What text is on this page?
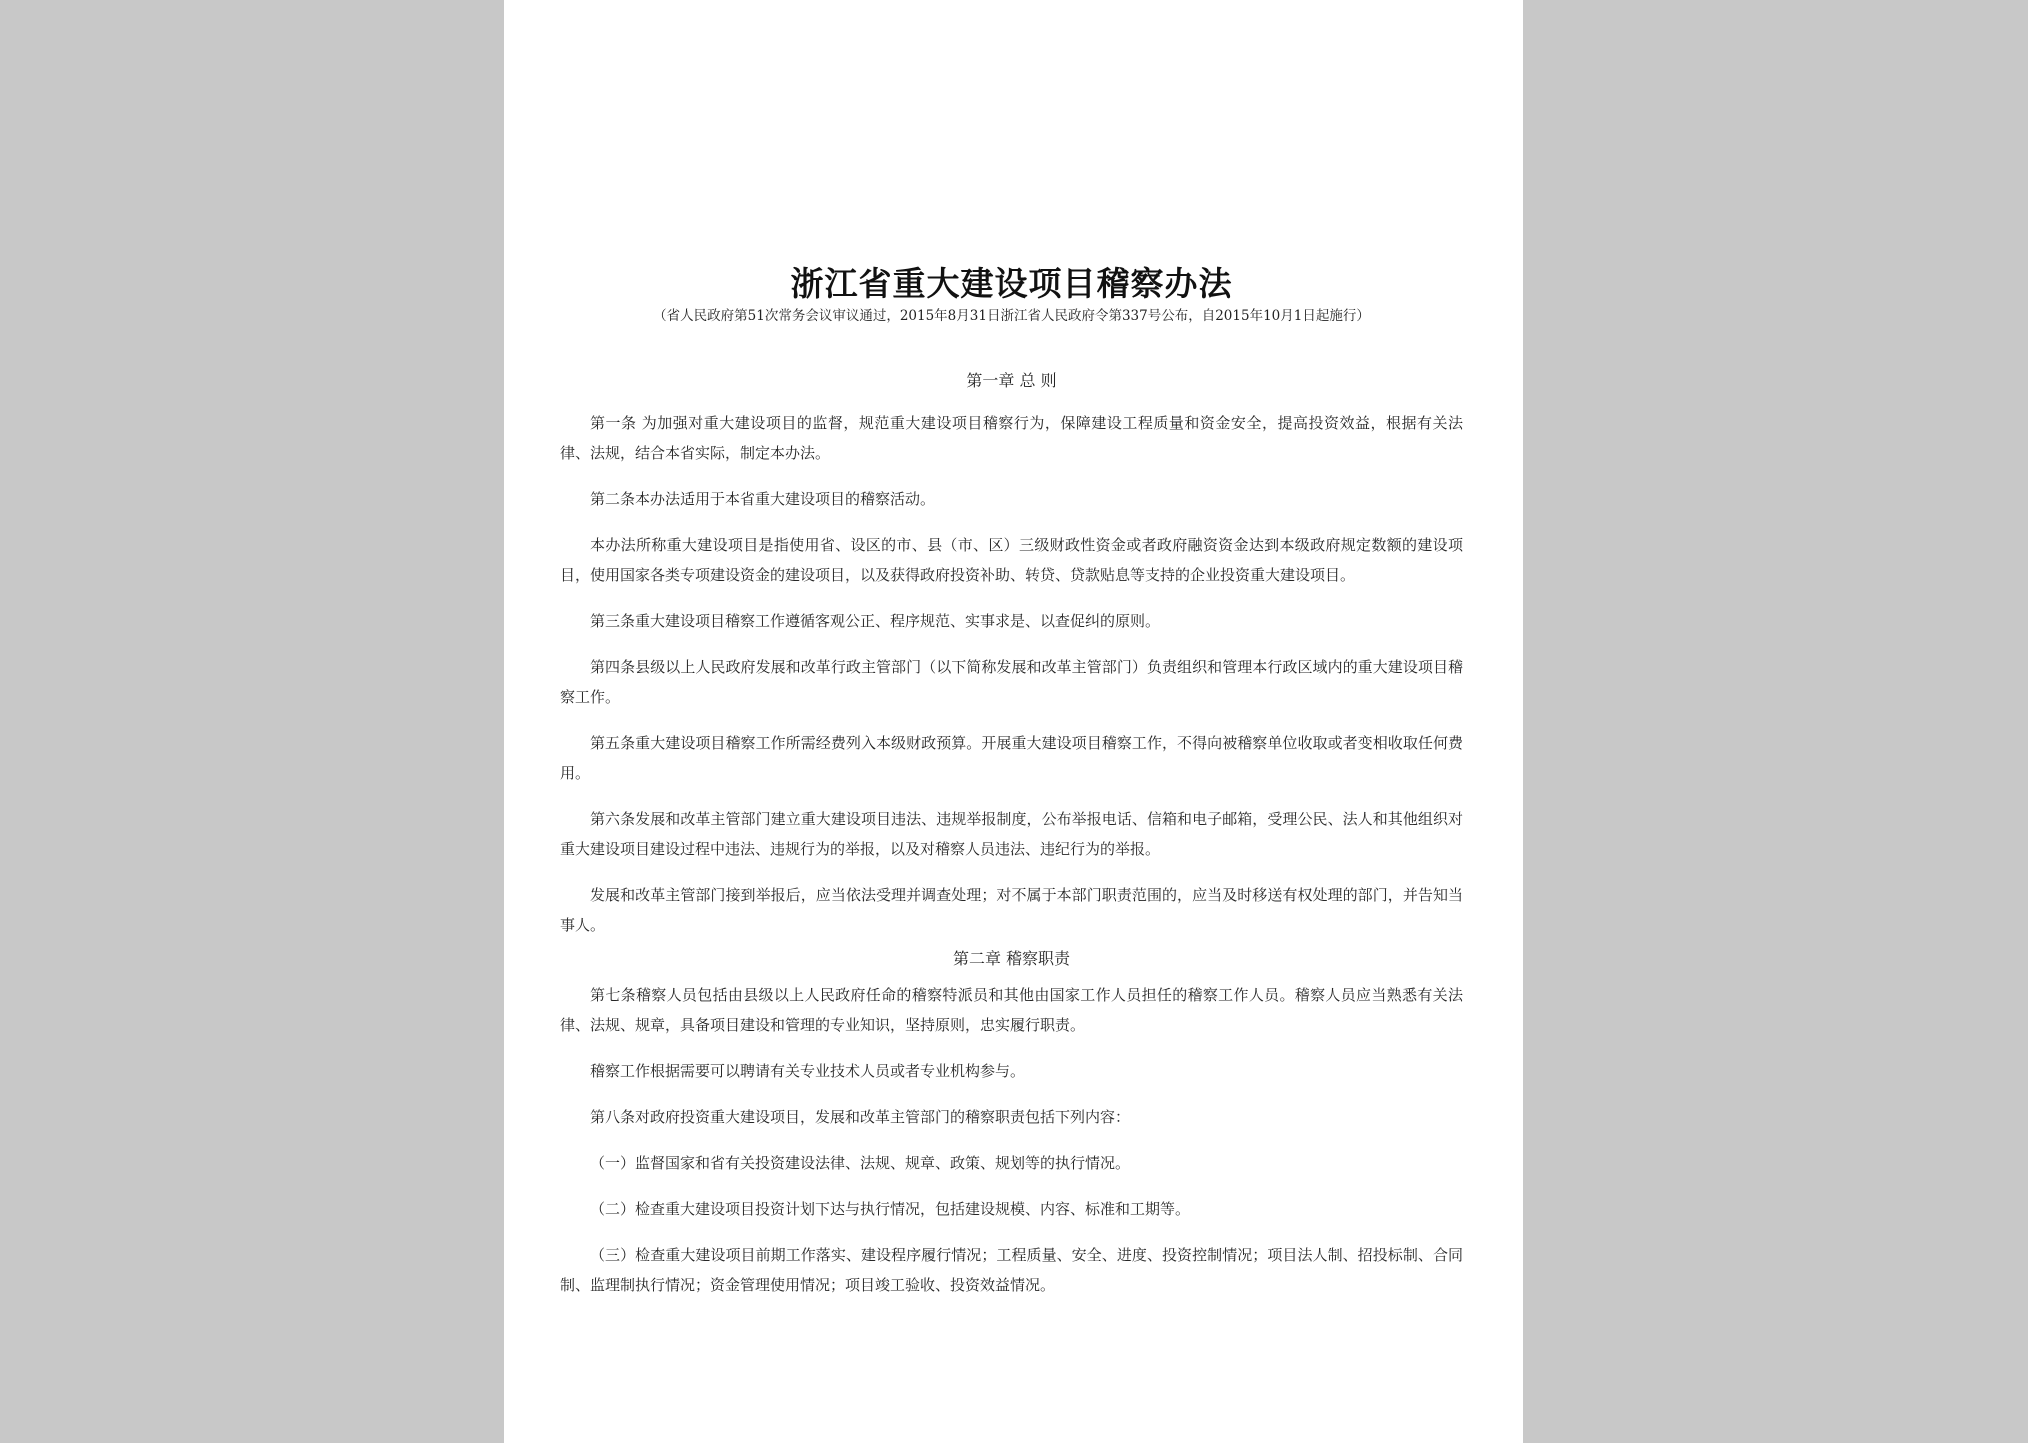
浙江省重大建设项目稽察办法

（省人民政府第51次常务会议审议通过，2015年8月31日浙江省人民政府令第337号公布，自2015年10月1日起施行）

第一章 总 则

第一条 为加强对重大建设项目的监督，规范重大建设项目稽察行为，保障建设工程质量和资金安全，提高投资效益，根据有关法律、法规，结合本省实际，制定本办法。

第二条本办法适用于本省重大建设项目的稽察活动。

本办法所称重大建设项目是指使用省、设区的市、县（市、区）三级财政性资金或者政府融资资金达到本级政府规定数额的建设项目，使用国家各类专项建设资金的建设项目，以及获得政府投资补助、转贷、贷款贴息等支持的企业投资重大建设项目。

第三条重大建设项目稽察工作遵循客观公正、程序规范、实事求是、以查促纠的原则。

第四条县级以上人民政府发展和改革行政主管部门（以下简称发展和改革主管部门）负责组织和管理本行政区域内的重大建设项目稽察工作。

第五条重大建设项目稽察工作所需经费列入本级财政预算。开展重大建设项目稽察工作，不得向被稽察单位收取或者变相收取任何费用。

第六条发展和改革主管部门建立重大建设项目违法、违规举报制度，公布举报电话、信箱和电子邮箱，受理公民、法人和其他组织对重大建设项目建设过程中违法、违规行为的举报，以及对稽察人员违法、违纪行为的举报。

发展和改革主管部门接到举报后，应当依法受理并调查处理；对不属于本部门职责范围的，应当及时移送有权处理的部门，并告知当事人。

第二章 稽察职责

第七条稽察人员包括由县级以上人民政府任命的稽察特派员和其他由国家工作人员担任的稽察工作人员。稽察人员应当熟悉有关法律、法规、规章，具备项目建设和管理的专业知识，坚持原则，忠实履行职责。

稽察工作根据需要可以聘请有关专业技术人员或者专业机构参与。

第八条对政府投资重大建设项目，发展和改革主管部门的稽察职责包括下列内容：

（一）监督国家和省有关投资建设法律、法规、规章、政策、规划等的执行情况。

（二）检查重大建设项目投资计划下达与执行情况，包括建设规模、内容、标准和工期等。

（三）检查重大建设项目前期工作落实、建设程序履行情况；工程质量、安全、进度、投资控制情况；项目法人制、招投标制、合同制、监理制执行情况；资金管理使用情况；项目竣工验收、投资效益情况。
